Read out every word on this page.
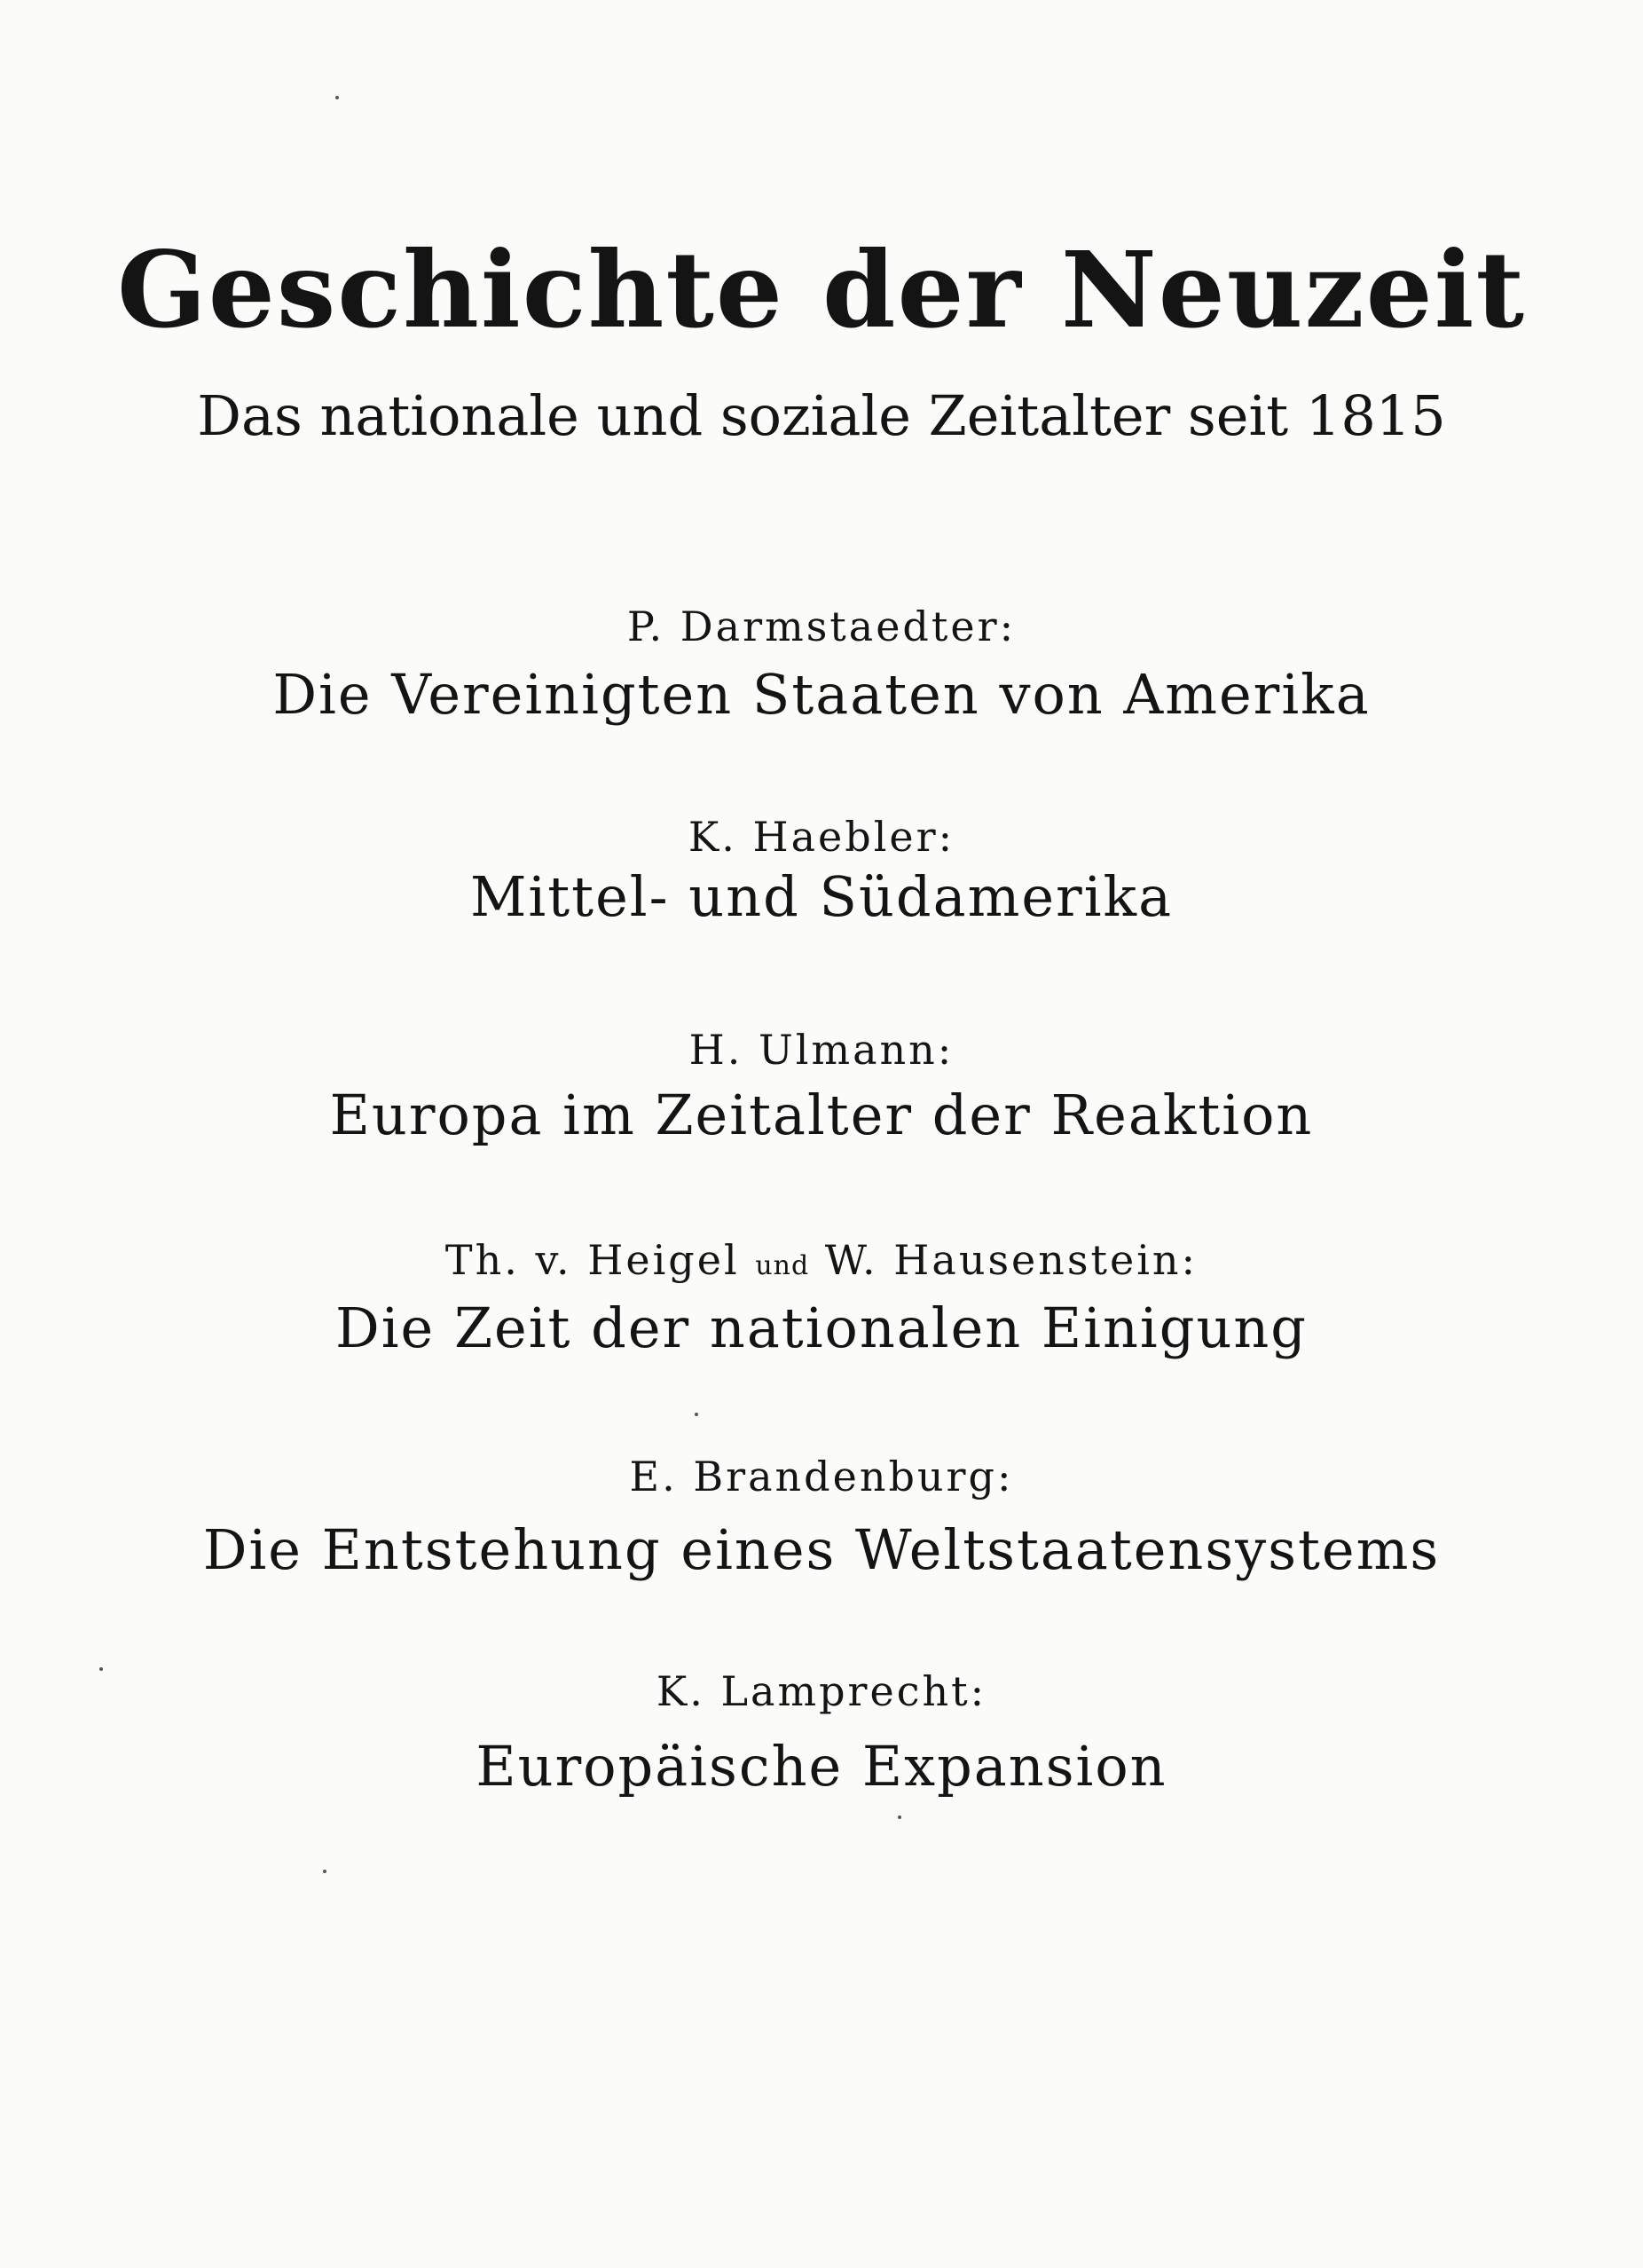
Geschichte der Neuzeit
Das nationale und soziale Zeitalter seit 1815
P. Darmstaedter:
Die Vereinigten Staaten von Amerika
K. Haebler:
Mittel- und Südamerika
H. Ulmann:
Europa im Zeitalter der Reaktion
Th. v. Heigel und W. Hausenstein:
Die Zeit der nationalen Einigung
E. Brandenburg:
Die Entstehung eines Weltstaatensystems
K. Lamprecht:
Europäische Expansion
